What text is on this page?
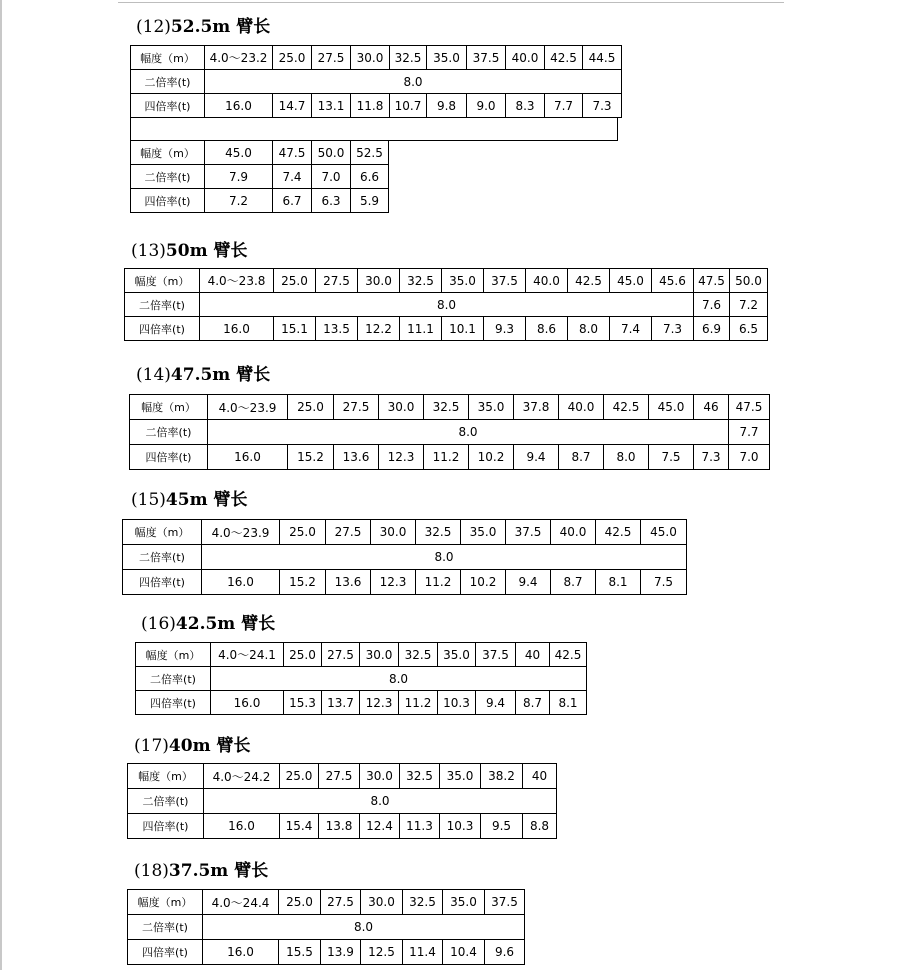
(12)52.5m 臂长
幅度（m）	4.0～23.2	25.0	27.5	30.0	32.5	35.0	37.5	40.0	42.5	44.5
二倍率(t)	8.0									
四倍率(t)	16.0	14.7	13.1	11.8	10.7	9.8	9.0	8.3	7.7	7.3
幅度（m）	45.0	47.5	50.0	52.5
二倍率(t)	7.9	7.4	7.0	6.6
四倍率(t)	7.2	6.7	6.3	5.9
(13)50m 臂长
幅度（m）	4.0～23.8	25.0	27.5	30.0	32.5	35.0	37.5	40.0	42.5	45.0	45.6	47.5	50.0
二倍率(t)	8.0											7.6	7.2
四倍率(t)	16.0	15.1	13.5	12.2	11.1	10.1	9.3	8.6	8.0	7.4	7.3	6.9	6.5
(14)47.5m 臂长
幅度（m）	4.0～23.9	25.0	27.5	30.0	32.5	35.0	37.8	40.0	42.5	45.0	46	47.5
二倍率(t)	8.0											7.7
四倍率(t)	16.0	15.2	13.6	12.3	11.2	10.2	9.4	8.7	8.0	7.5	7.3	7.0
(15)45m 臂长
幅度（m）	4.0～23.9	25.0	27.5	30.0	32.5	35.0	37.5	40.0	42.5	45.0
二倍率(t)	8.0									
四倍率(t)	16.0	15.2	13.6	12.3	11.2	10.2	9.4	8.7	8.1	7.5
(16)42.5m 臂长
幅度（m）	4.0～24.1	25.0	27.5	30.0	32.5	35.0	37.5	40	42.5
二倍率(t)	8.0								
四倍率(t)	16.0	15.3	13.7	12.3	11.2	10.3	9.4	8.7	8.1
(17)40m 臂长
幅度（m）	4.0～24.2	25.0	27.5	30.0	32.5	35.0	38.2	40
二倍率(t)	8.0							
四倍率(t)	16.0	15.4	13.8	12.4	11.3	10.3	9.5	8.8
(18)37.5m 臂长
幅度（m）	4.0～24.4	25.0	27.5	30.0	32.5	35.0	37.5
二倍率(t)	8.0						
四倍率(t)	16.0	15.5	13.9	12.5	11.4	10.4	9.6
